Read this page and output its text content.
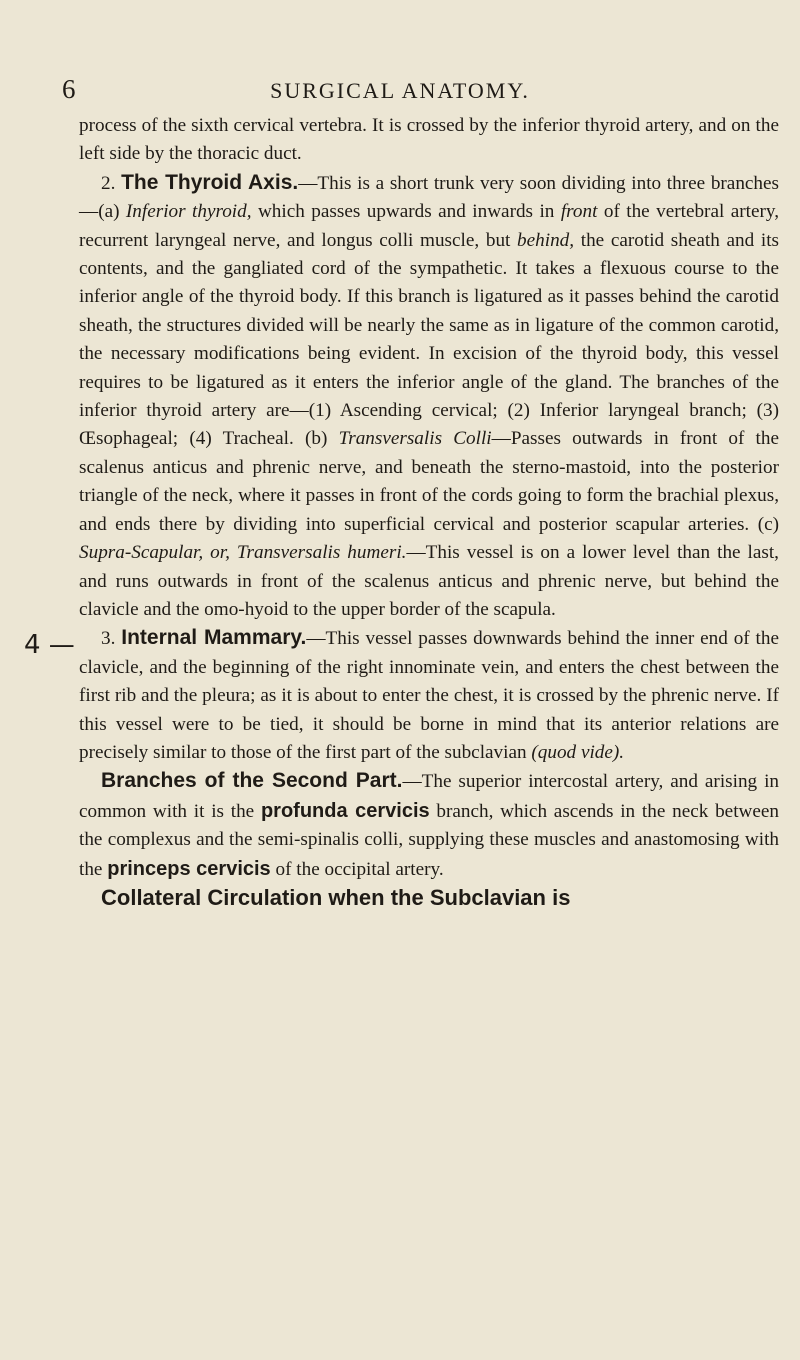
6	SURGICAL ANATOMY.
4 —

process of the sixth cervical vertebra. It is crossed by the inferior thyroid artery, and on the left side by the thoracic duct.

2. The Thyroid Axis.—This is a short trunk very soon dividing into three branches—(a) Inferior thyroid, which passes upwards and inwards in front of the vertebral artery, recurrent laryngeal nerve, and longus colli muscle, but behind, the carotid sheath and its contents, and the gangliated cord of the sympathetic. It takes a flexuous course to the inferior angle of the thyroid body. If this branch is ligatured as it passes behind the carotid sheath, the structures divided will be nearly the same as in ligature of the common carotid, the necessary modifications being evident. In excision of the thyroid body, this vessel requires to be ligatured as it enters the inferior angle of the gland. The branches of the inferior thyroid artery are—(1) Ascending cervical; (2) Inferior laryngeal branch; (3) Œsophageal; (4) Tracheal. (b) Transversalis Colli—Passes outwards in front of the scalenus anticus and phrenic nerve, and beneath the sterno-mastoid, into the posterior triangle of the neck, where it passes in front of the cords going to form the brachial plexus, and ends there by dividing into superficial cervical and posterior scapular arteries. (c) Supra-Scapular, or, Transversalis humeri.—This vessel is on a lower level than the last, and runs outwards in front of the scalenus anticus and phrenic nerve, but behind the clavicle and the omo-hyoid to the upper border of the scapula.

3. Internal Mammary.—This vessel passes downwards behind the inner end of the clavicle, and the beginning of the right innominate vein, and enters the chest between the first rib and the pleura; as it is about to enter the chest, it is crossed by the phrenic nerve. If this vessel were to be tied, it should be borne in mind that its anterior relations are precisely similar to those of the first part of the subclavian (quod vide).

Branches of the Second Part.—The superior intercostal artery, and arising in common with it is the profunda cervicis branch, which ascends in the neck between the complexus and the semi-spinalis colli, supplying these muscles and anastomosing with the princeps cervicis of the occipital artery.

Collateral Circulation when the Subclavian is
